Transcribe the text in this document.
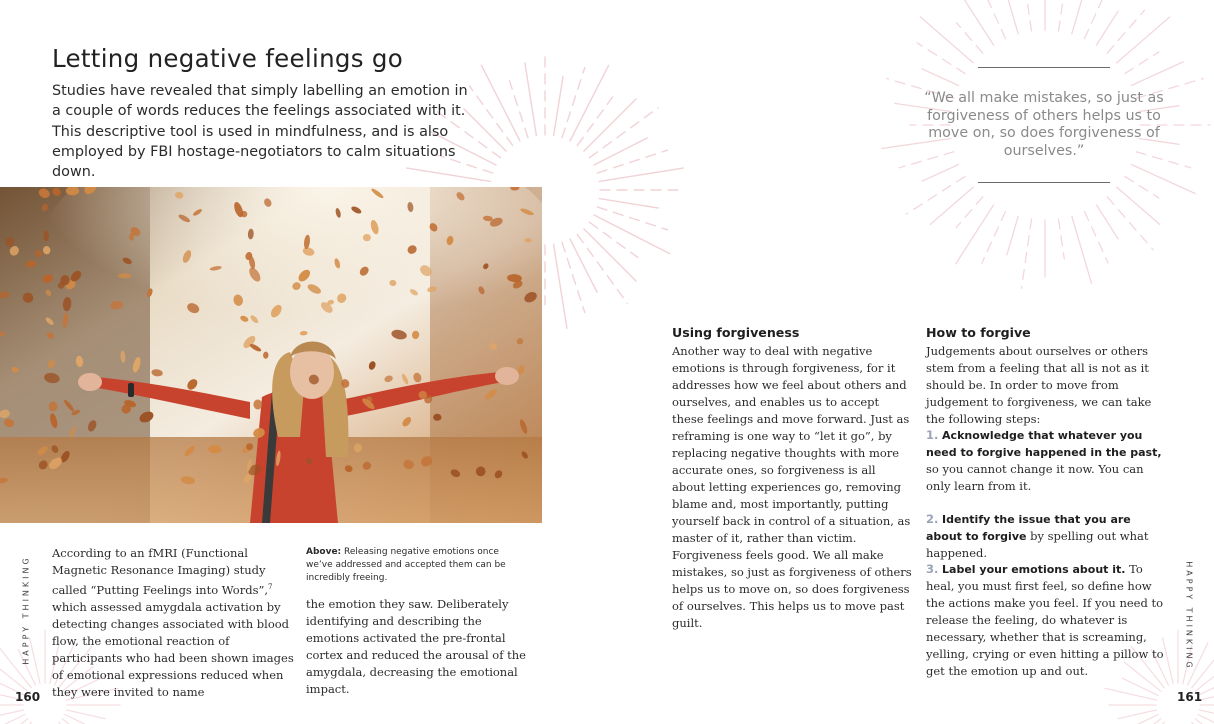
Letting negative feelings go

Studies have revealed that simply labelling an emotion in a couple of words reduces the feelings associated with it. This descriptive tool is used in mindfulness, and is also employed by FBI hostage-negotiators to calm situations down.

According to an fMRI (Functional Magnetic Resonance Imaging) study called “Putting Feelings into Words”,$^7$ which assessed amygdala activation by detecting changes associated with blood flow, the emotional reaction of participants who had been shown images of emotional expressions reduced when they were invited to name

Above: Releasing negative emotions once we’ve addressed and accepted them can be incredibly freeing.

the emotion they saw. Deliberately identifying and describing the emotions activated the pre-frontal cortex and reduced the arousal of the amygdala, decreasing the emotional impact.

HAPPY THINKING
160

“We all make mistakes, so just as forgiveness of others helps us to move on, so does forgiveness of ourselves.”

Using forgiveness

Another way to deal with negative emotions is through forgiveness, for it addresses how we feel about others and ourselves, and enables us to accept these feelings and move forward. Just as reframing is one way to “let it go”, by replacing negative thoughts with more accurate ones, so forgiveness is all about letting experiences go, removing blame and, most importantly, putting yourself back in control of a situation, as master of it, rather than victim. Forgiveness feels good. We all make mistakes, so just as forgiveness of others helps us to move on, so does forgiveness of ourselves. This helps us to move past guilt.

How to forgive

Judgements about ourselves or others stem from a feeling that all is not as it should be. In order to move from judgement to forgiveness, we can take the following steps:

1. Acknowledge that whatever you need to forgive happened in the past, so you cannot change it now. You can only learn from it.

2. Identify the issue that you are about to forgive by spelling out what happened.

3. Label your emotions about it. To heal, you must first feel, so define how the actions make you feel. If you need to release the feeling, do whatever is necessary, whether that is screaming, yelling, crying or even hitting a pillow to get the emotion up and out.

HAPPY THINKING
161
